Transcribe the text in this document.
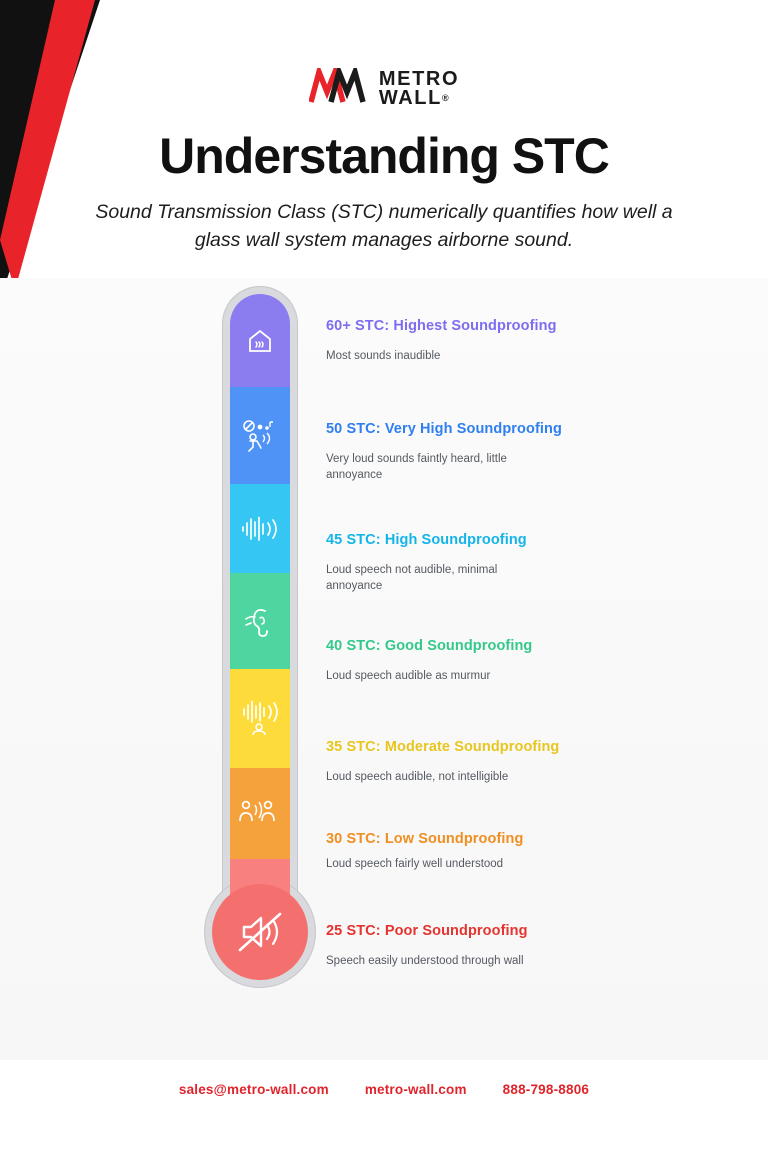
METRO
WALL®
Understanding STC

Sound Transmission Class (STC) numerically quantifies how well a glass wall system manages airborne sound.

60+ STC: Highest Soundproofing
Most sounds inaudible
50 STC: Very High Soundproofing
Very loud sounds faintly heard, little annoyance
45 STC: High Soundproofing
Loud speech not audible, minimal annoyance
40 STC: Good Soundproofing
Loud speech audible as murmur
35 STC: Moderate Soundproofing
Loud speech audible, not intelligible
30 STC: Low Soundproofing
Loud speech fairly well understood
25 STC: Poor Soundproofing
Speech easily understood through wall
sales@metro-wall.com	metro-wall.com	888-798-8806
